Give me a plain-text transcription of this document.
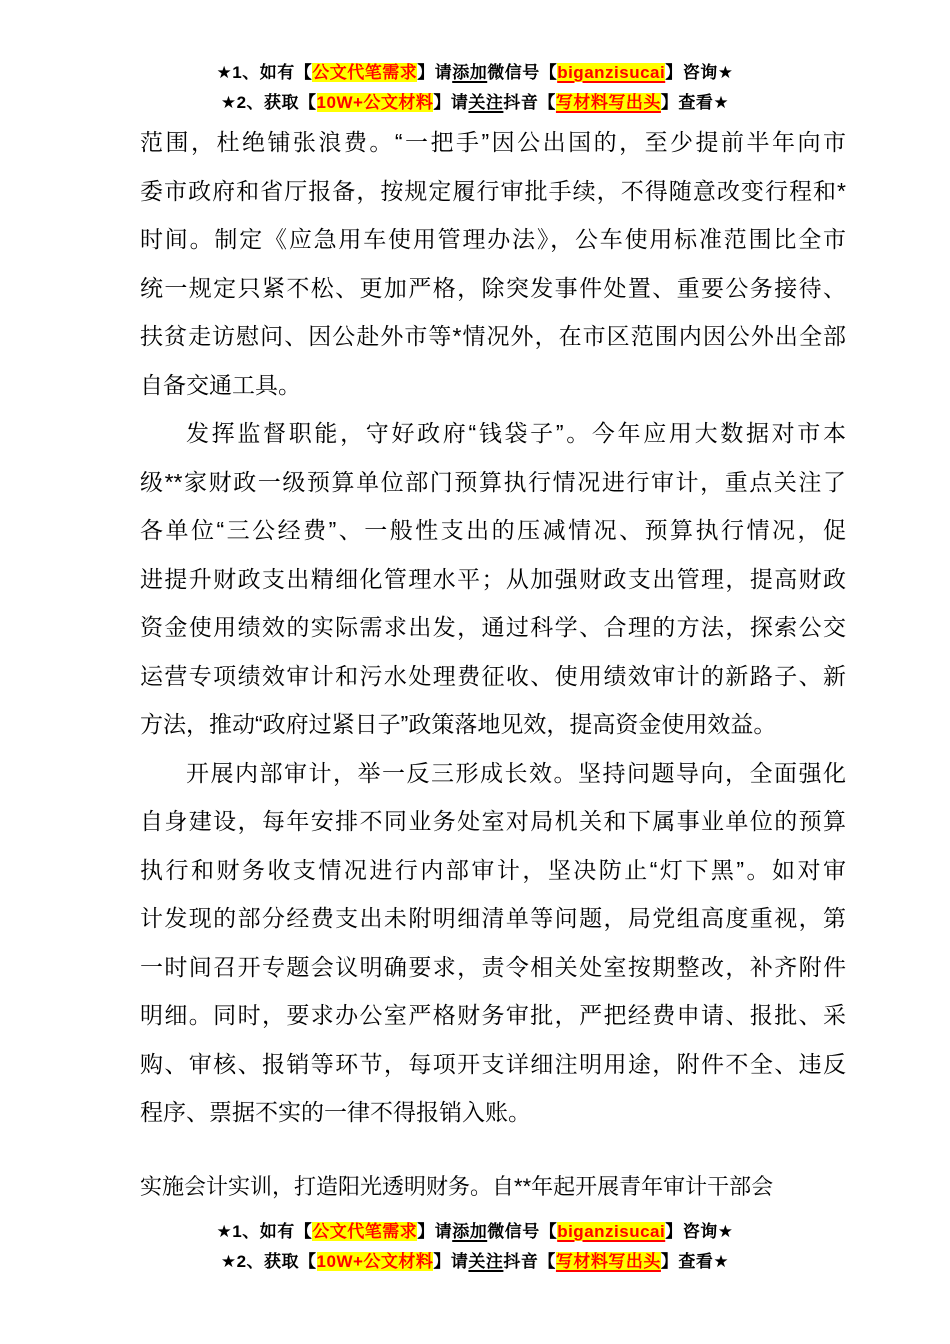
★1、如有【公文代笔需求】请添加微信号【biganzisucai】咨询★
★2、获取【10W+公文材料】请关注抖音【写材料写出头】查看★
范围，杜绝铺张浪费。“一把手”因公出国的，至少提前半年向市
委市政府和省厅报备，按规定履行审批手续，不得随意改变行程和*
时间。制定《应急用车使用管理办法》，公车使用标准范围比全市
统一规定只紧不松、更加严格，除突发事件处置、重要公务接待、
扶贫走访慰问、因公赴外市等*情况外，在市区范围内因公外出全部
自备交通工具。
发挥监督职能，守好政府“钱袋子”。今年应用大数据对市本
级**家财政一级预算单位部门预算执行情况进行审计，重点关注了
各单位“三公经费”、一般性支出的压减情况、预算执行情况，促
进提升财政支出精细化管理水平；从加强财政支出管理，提高财政
资金使用绩效的实际需求出发，通过科学、合理的方法，探索公交
运营专项绩效审计和污水处理费征收、使用绩效审计的新路子、新
方法，推动“政府过紧日子”政策落地见效，提高资金使用效益。
开展内部审计，举一反三形成长效。坚持问题导向，全面强化
自身建设，每年安排不同业务处室对局机关和下属事业单位的预算
执行和财务收支情况进行内部审计，坚决防止“灯下黑”。如对审
计发现的部分经费支出未附明细清单等问题，局党组高度重视，第
一时间召开专题会议明确要求，责令相关处室按期整改，补齐附件
明细。同时，要求办公室严格财务审批，严把经费申请、报批、采
购、审核、报销等环节，每项开支详细注明用途，附件不全、违反
程序、票据不实的一律不得报销入账。
实施会计实训，打造阳光透明财务。自**年起开展青年审计干部会
★1、如有【公文代笔需求】请添加微信号【biganzisucai】咨询★
★2、获取【10W+公文材料】请关注抖音【写材料写出头】查看★
